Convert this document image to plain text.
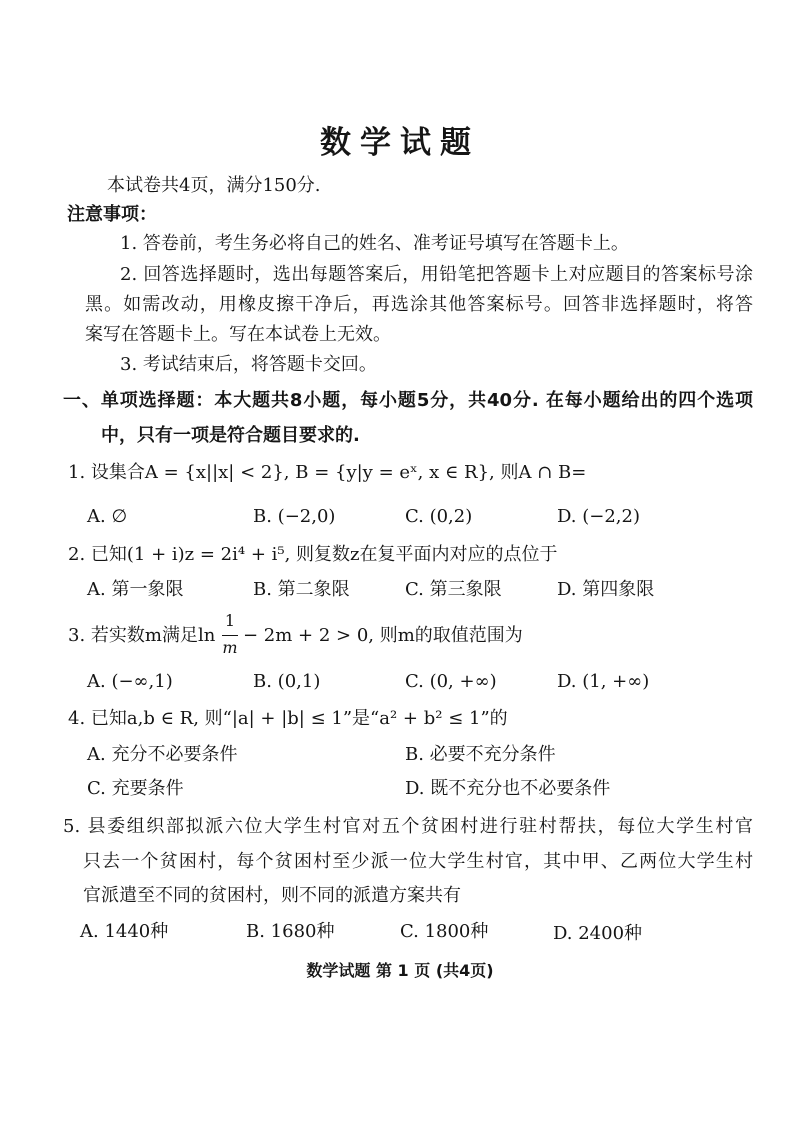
数学试题
本试卷共4页，满分150分.
注意事项：
1. 答卷前，考生务必将自己的姓名、准考证号填写在答题卡上。
2. 回答选择题时，选出每题答案后，用铅笔把答题卡上对应题目的答案标号涂
黑。如需改动，用橡皮擦干净后，再选涂其他答案标号。回答非选择题时，将答
案写在答题卡上。写在本试卷上无效。
3. 考试结束后，将答题卡交回。
一、单项选择题：本大题共8小题，每小题5分，共40分. 在每小题给出的四个选项
中，只有一项是符合题目要求的.
1. 设集合A = {x||x| < 2}, B = {y|y = eˣ, x ∈ R}, 则A ∩ B=
A. ∅	B. (−2,0)	C. (0,2)	D. (−2,2)
2. 已知(1 + i)z = 2i⁴ + i⁵, 则复数z在复平面内对应的点位于
A. 第一象限	B. 第二象限	C. 第三象限	D. 第四象限
3. 若实数m满足ln
1
m
− 2m + 2 > 0, 则m的取值范围为
A. (−∞,1)	B. (0,1)	C. (0, +∞)	D. (1, +∞)
4. 已知a,b ∈ R, 则“|a| + |b| ≤ 1”是“a² + b² ≤ 1”的
A. 充分不必要条件	B. 必要不充分条件
C. 充要条件	D. 既不充分也不必要条件
5. 县委组织部拟派六位大学生村官对五个贫困村进行驻村帮扶，每位大学生村官
只去一个贫困村，每个贫困村至少派一位大学生村官，其中甲、乙两位大学生村
官派遣至不同的贫困村，则不同的派遣方案共有
A. 1440种	B. 1680种	C. 1800种	D. 2400种
数学试题 第 1 页 (共4页)
